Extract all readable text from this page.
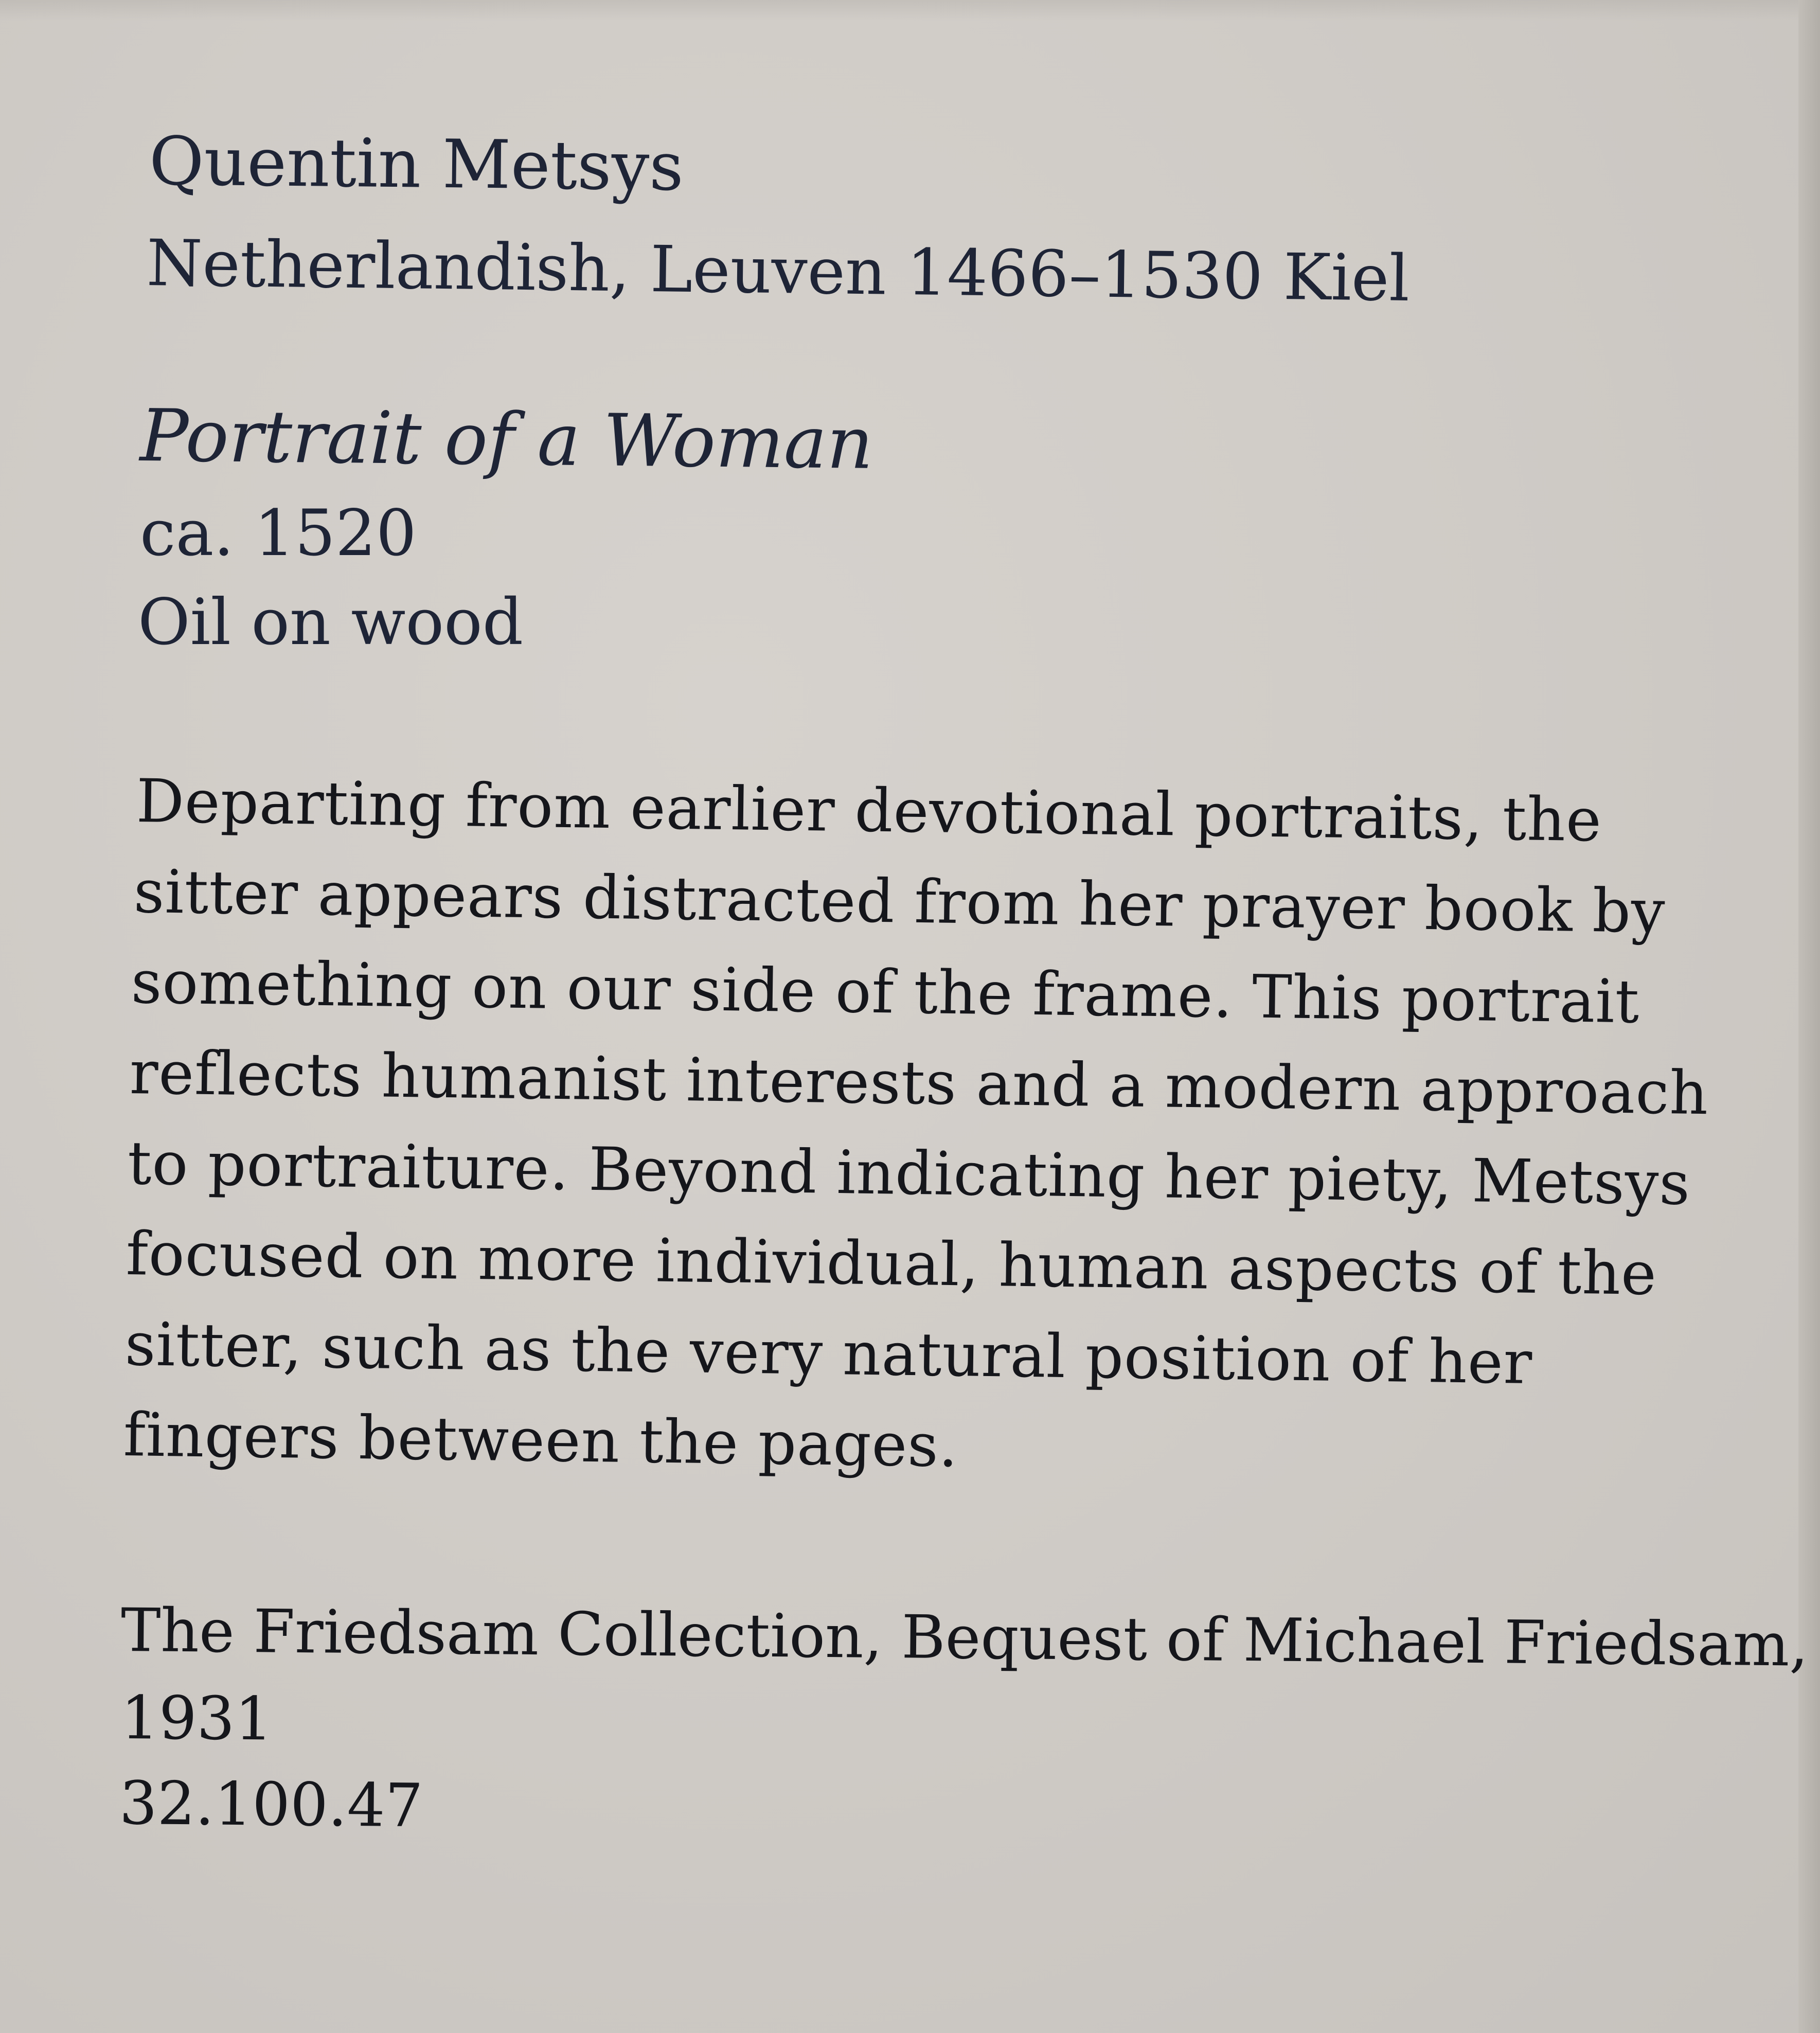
Quentin Metsys

Netherlandish, Leuven 1466–1530 Kiel

Portrait of a Woman

ca. 1520

Oil on wood

Departing from earlier devotional portraits, the

sitter appears distracted from her prayer book by

something on our side of the frame. This portrait

reflects humanist interests and a modern approach

to portraiture. Beyond indicating her piety, Metsys

focused on more individual, human aspects of the

sitter, such as the very natural position of her

fingers between the pages.

The Friedsam Collection, Bequest of Michael Friedsam,

1931

32.100.47
